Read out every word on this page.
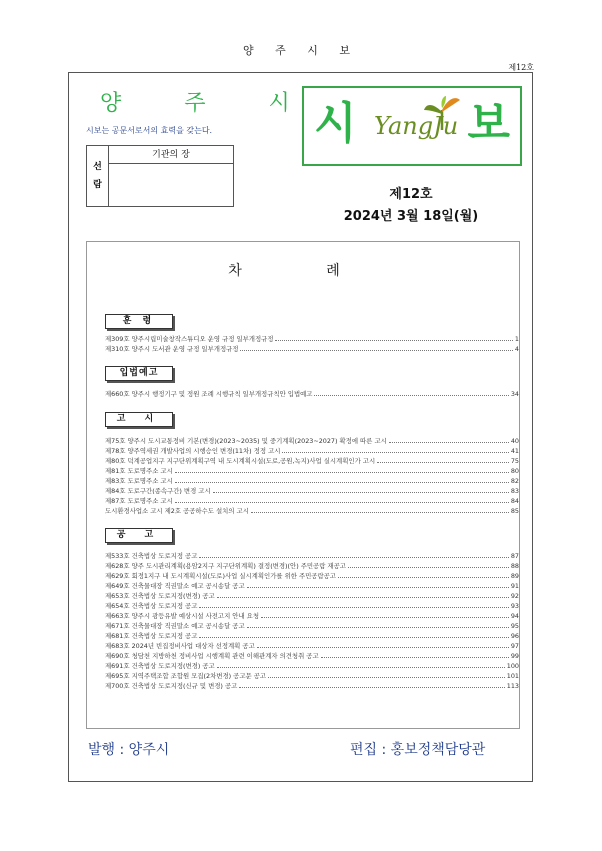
양 주 시 보
제12호
양 주 시
시보는 공문서로서의 효력을 갖는다. 시 YangJu 보
선
람
기관의 장
제12호
2024년 3월 18일(월)
차 례
훈 령
제309호 양주시립미술창작스튜디오 운영 규정 일부개정규정	1
제310호 양주시 도서관 운영 규정 일부개정규정	4
입법예고
제660호 양주시 행정기구 및 정원 조례 시행규칙 일부개정규칙안 입법예고	34
고 시
제75호 양주시 도시교통정비 기본(변경)(2023~2035) 및 중기계획(2023~2027) 확정에 따른 고시	40
제78호 양주역세권 개발사업의 시행승인 변경(11차) 정정 고시	41
제80호 덕계공업지구 지구단위계획구역 내 도시계획시설(도로,공원,녹지)사업 실시계획인가 고시	75
제81호 도로명주소 고시	80
제83호 도로명주소 고시	82
제84호 도로구간(종속구간) 변경 고시	83
제87호 도로명주소 고시	84
도시환경사업소 고시 제2호 공공하수도 설치의 고시	85
공 고
제533호 건축법상 도로지정 공고	87
제628호 양주 도시관리계획(용암2지구 지구단위계획) 결정(변경)(안) 주민공람 재공고	88
제629호 회정1지구 내 도시계획시설(도로)사업 실시계획인가를 위한 주민공람공고	89
제649호 건축물대장 직권말소 예고 공시송달 공고	91
제653호 건축법상 도로지정(변경) 공고	92
제654호 건축법상 도로지정 공고	93
제663호 양주시 광등유발 예상시설 사전고지 안내 요청	94
제671호 건축물대장 직권말소 예고 공시송달 공고	95
제681호 건축법상 도로지정 공고	96
제683호 2024년 빈집정비사업 대상자 선정계획 공고	97
제690호 청담천 지방하천 정비사업 시행계획 관련 이해관계자 의견청취 공고	99
제691호 건축법상 도로지정(변경) 공고	100
제695호 지역주택조합 조합원 모집(2차변경) 공고문 공고	101
제700호 건축법상 도로지정(신규 및 변경) 공고	113
발행 : 양주시	편집 : 홍보정책담당관
